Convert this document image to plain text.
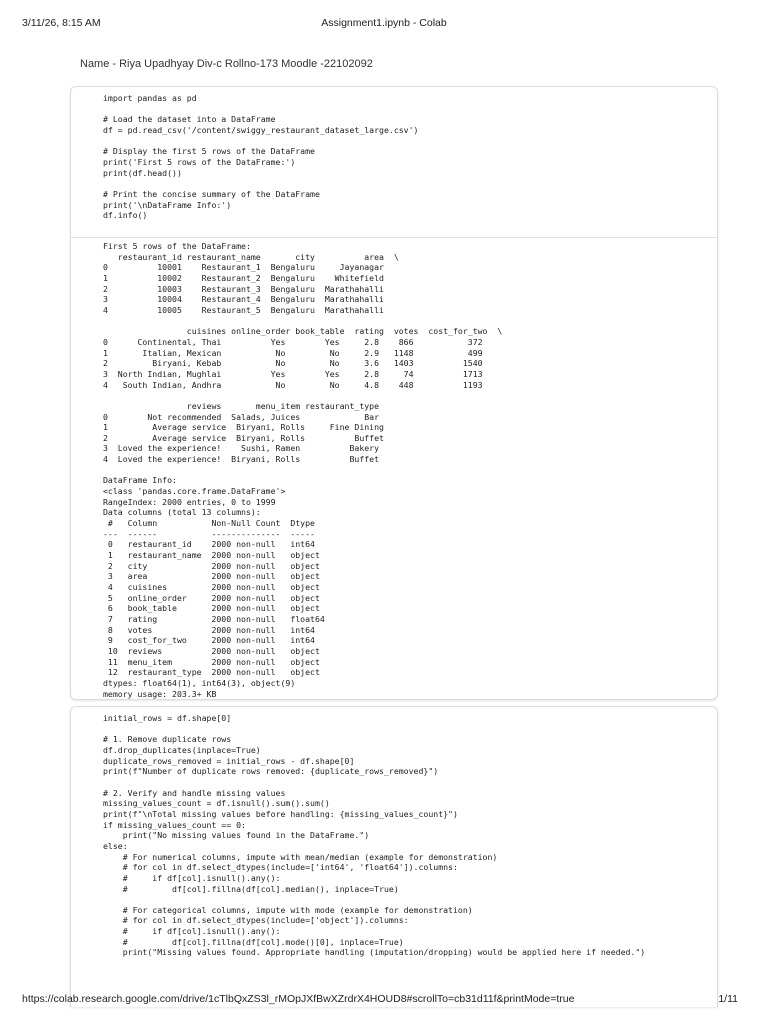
3/11/26, 8:15 AM	Assignment1.ipynb - Colab
Name - Riya Upadhyay Div-c Rollno-173 Moodle -22102092
import pandas as pd

# Load the dataset into a DataFrame
df = pd.read_csv('/content/swiggy_restaurant_dataset_large.csv')

# Display the first 5 rows of the DataFrame
print('First 5 rows of the DataFrame:')
print(df.head())

# Print the concise summary of the DataFrame
print('\nDataFrame Info:')
df.info()
First 5 rows of the DataFrame:
restaurant_id restaurant_name       city          area  \
0          10001    Restaurant_1  Bengaluru     Jayanagar
1          10002    Restaurant_2  Bengaluru    Whitefield
2          10003    Restaurant_3  Bengaluru  Marathahalli
3          10004    Restaurant_4  Bengaluru  Marathahalli
4          10005    Restaurant_5  Bengaluru  Marathahalli

cuisines online_order book_table  rating  votes  cost_for_two  \
0      Continental, Thai          Yes        Yes     2.8    866           372
1       Italian, Mexican           No         No     2.9   1148           499
2         Biryani, Kebab           No         No     3.6   1403          1540
3  North Indian, Mughlai          Yes        Yes     2.8     74          1713
4   South Indian, Andhra           No         No     4.8    448          1193

reviews       menu_item restaurant_type
0        Not recommended  Salads, Juices             Bar
1         Average service  Biryani, Rolls     Fine Dining
2         Average service  Biryani, Rolls          Buffet
3  Loved the experience!    Sushi, Ramen          Bakery
4  Loved the experience!  Biryani, Rolls          Buffet

DataFrame Info:
<class 'pandas.core.frame.DataFrame'>
RangeIndex: 2000 entries, 0 to 1999
Data columns (total 13 columns):
#   Column           Non-Null Count  Dtype
---  ------           --------------  -----
0   restaurant_id    2000 non-null   int64
1   restaurant_name  2000 non-null   object
2   city             2000 non-null   object
3   area             2000 non-null   object
4   cuisines         2000 non-null   object
5   online_order     2000 non-null   object
6   book_table       2000 non-null   object
7   rating           2000 non-null   float64
8   votes            2000 non-null   int64
9   cost_for_two     2000 non-null   int64
10  reviews          2000 non-null   object
11  menu_item        2000 non-null   object
12  restaurant_type  2000 non-null   object
dtypes: float64(1), int64(3), object(9)
memory usage: 203.3+ KB
initial_rows = df.shape[0]

# 1. Remove duplicate rows
df.drop_duplicates(inplace=True)
duplicate_rows_removed = initial_rows - df.shape[0]
print(f"Number of duplicate rows removed: {duplicate_rows_removed}")

# 2. Verify and handle missing values
missing_values_count = df.isnull().sum().sum()
print(f"\nTotal missing values before handling: {missing_values_count}")
if missing_values_count == 0:
print("No missing values found in the DataFrame.")
else:
# For numerical columns, impute with mean/median (example for demonstration)
# for col in df.select_dtypes(include=['int64', 'float64']).columns:
#     if df[col].isnull().any():
#         df[col].fillna(df[col].median(), inplace=True)

# For categorical columns, impute with mode (example for demonstration)
# for col in df.select_dtypes(include=['object']).columns:
#     if df[col].isnull().any():
#         df[col].fillna(df[col].mode()[0], inplace=True)
print("Missing values found. Appropriate handling (imputation/dropping) would be applied here if needed.")
https://colab.research.google.com/drive/1cTlbQxZS3l_rMOpJXfBwXZrdrX4HOUD8#scrollTo=cb31d11f&printMode=true	1/11
